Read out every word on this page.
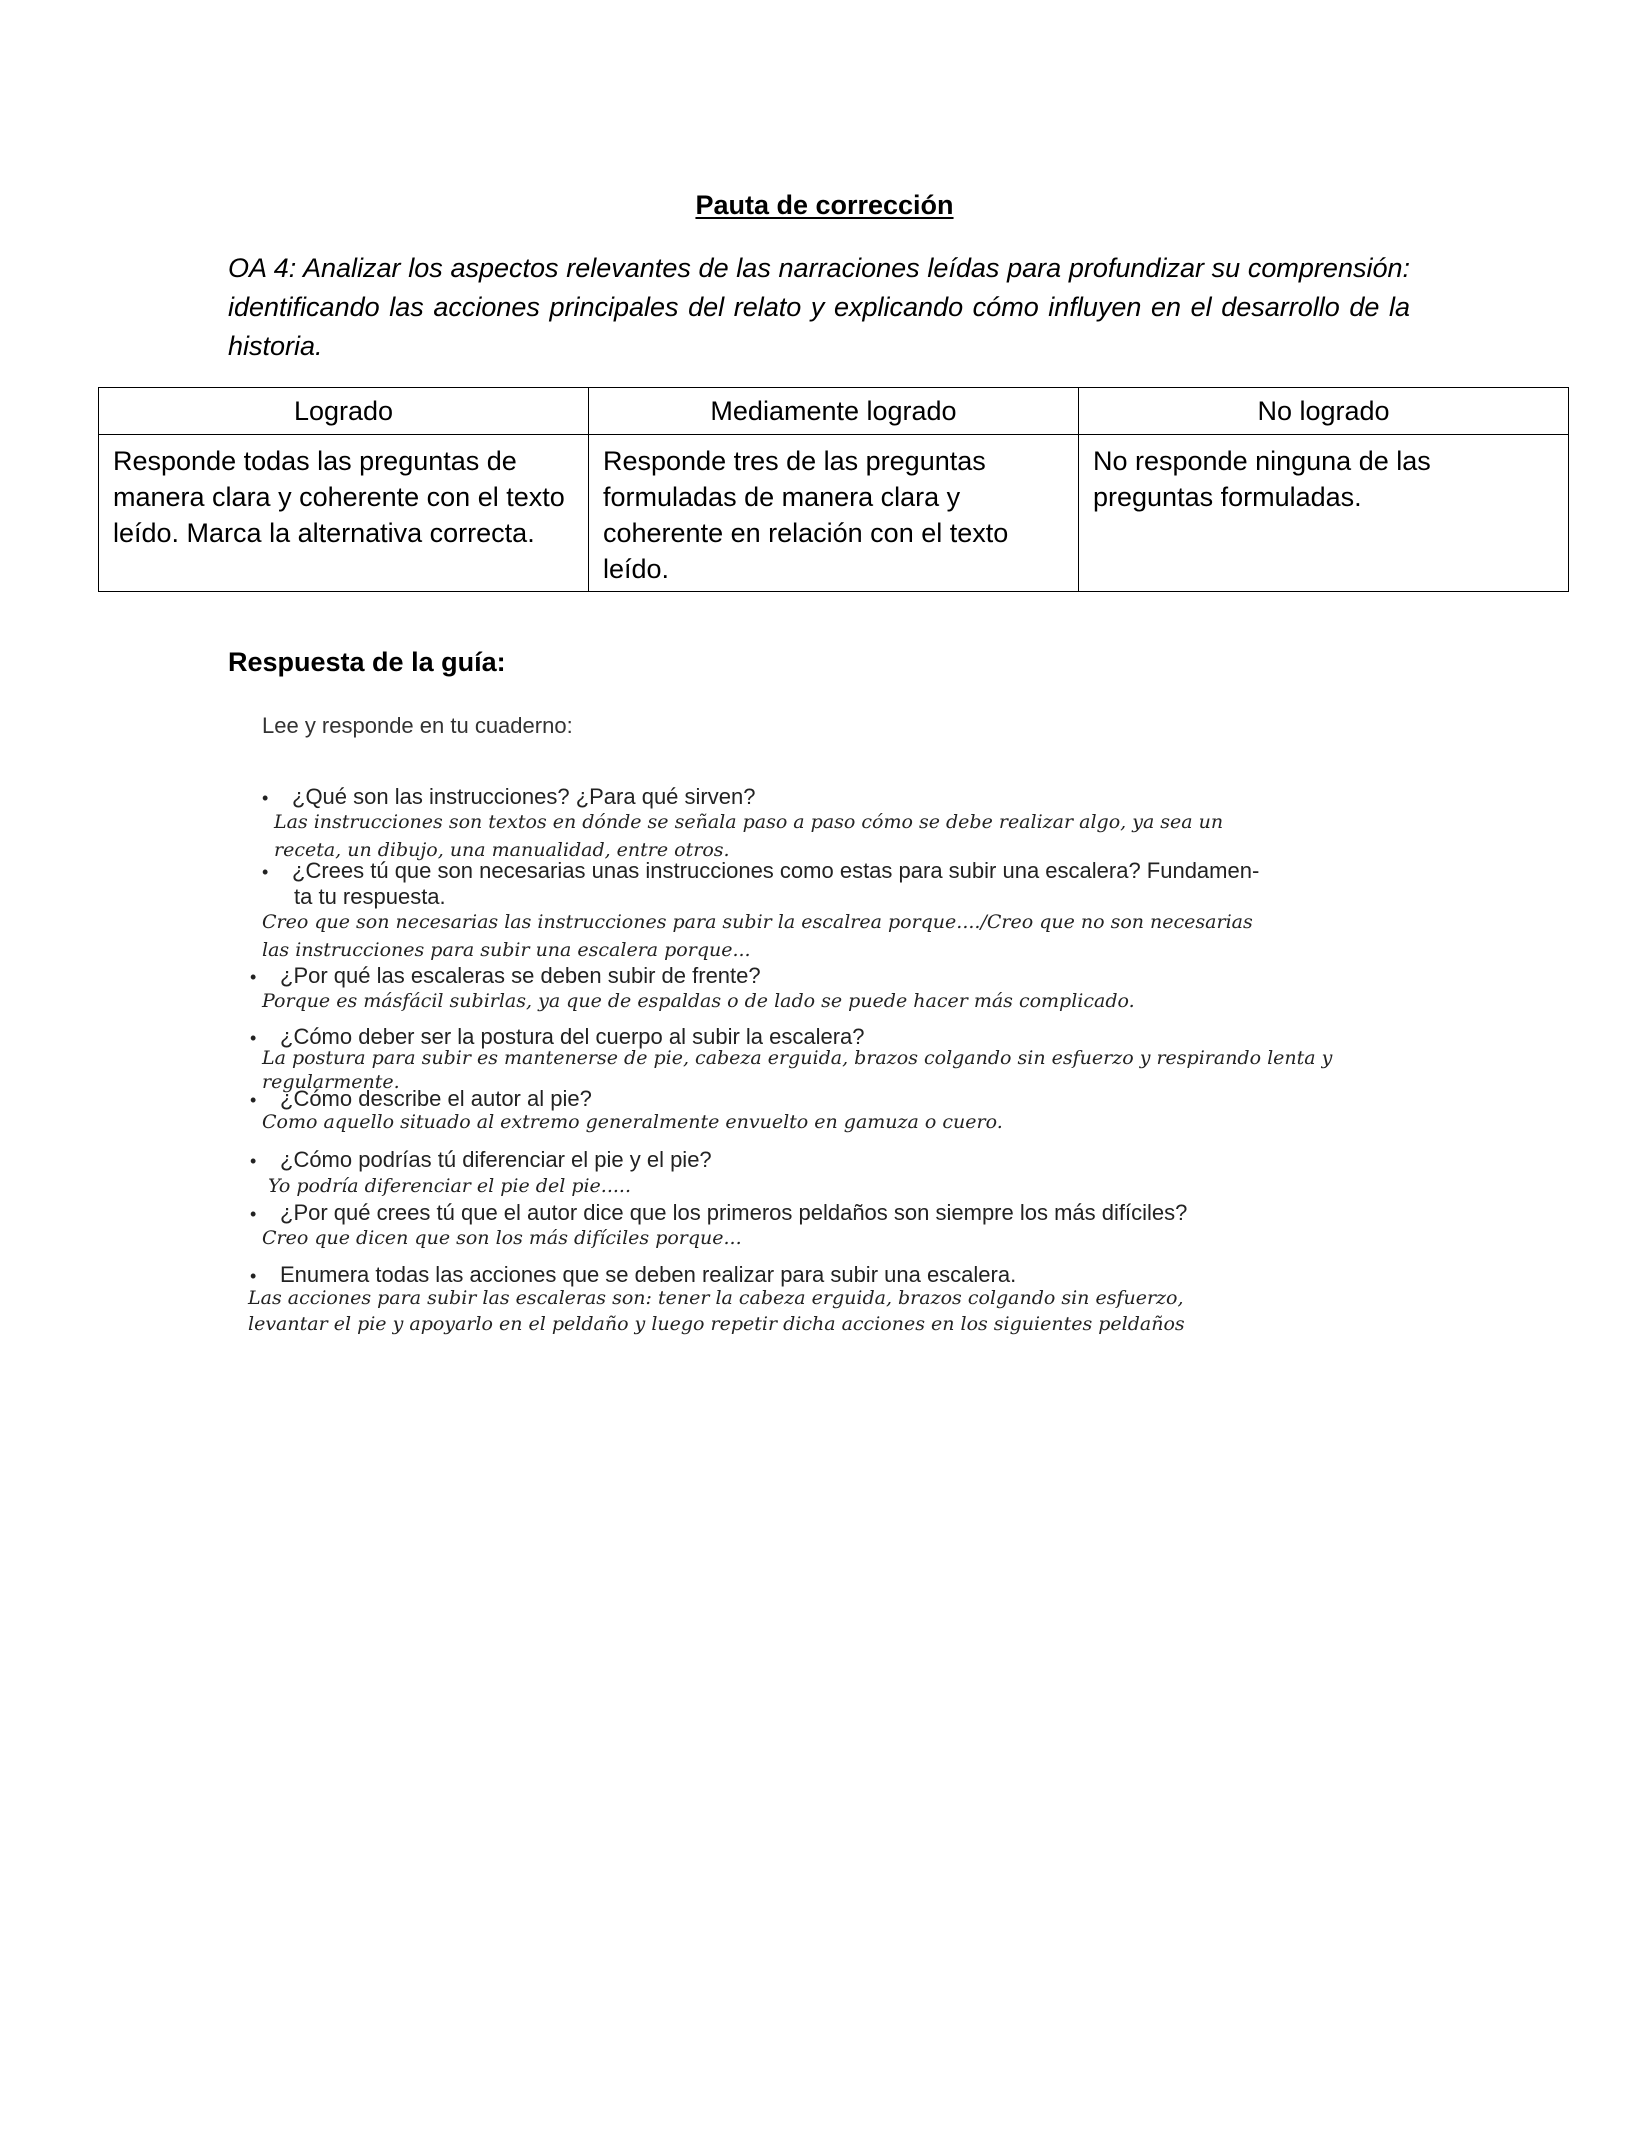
Pauta de corrección
OA 4: Analizar los aspectos relevantes de las narraciones leídas para profundizar su comprensión: identificando las acciones principales del relato y explicando cómo influyen en el desarrollo de la historia.
Logrado	Mediamente logrado	No logrado
Responde todas las preguntas de manera clara y coherente con el texto leído. Marca la alternativa correcta.	Responde tres de las preguntas formuladas de manera clara y coherente en relación con el texto leído.	No responde ninguna de las preguntas formuladas.
Respuesta de la guía:
Lee y responde en tu cuaderno:
• ¿Qué son las instrucciones? ¿Para qué sirven?
Las instrucciones son textos en dónde se señala paso a paso cómo se debe realizar algo, ya sea un
receta, un dibujo, una manualidad, entre otros.
• ¿Crees tú que son necesarias unas instrucciones como estas para subir una escalera? Fundamen-
ta tu respuesta.
Creo que son necesarias las instrucciones para subir la escalrea porque..../Creo que no son necesarias
las instrucciones para subir una escalera porque...
• ¿Por qué las escaleras se deben subir de frente?
Porque es másfácil subirlas, ya que de espaldas o de lado se puede hacer más complicado.
• ¿Cómo deber ser la postura del cuerpo al subir la escalera?
La postura para subir es mantenerse de pie, cabeza erguida, brazos colgando sin esfuerzo y respirando lenta y
regularmente.
• ¿Cómo describe el autor al pie?
Como aquello situado al extremo generalmente envuelto en gamuza o cuero.
• ¿Cómo podrías tú diferenciar el pie y el pie?
Yo podría diferenciar el pie del pie.....
• ¿Por qué crees tú que el autor dice que los primeros peldaños son siempre los más difíciles?
Creo que dicen que son los más difíciles porque...
• Enumera todas las acciones que se deben realizar para subir una escalera.
Las acciones para subir las escaleras son: tener la cabeza erguida, brazos colgando sin esfuerzo,
levantar el pie y apoyarlo en el peldaño y luego repetir dicha acciones en los siguientes peldaños
